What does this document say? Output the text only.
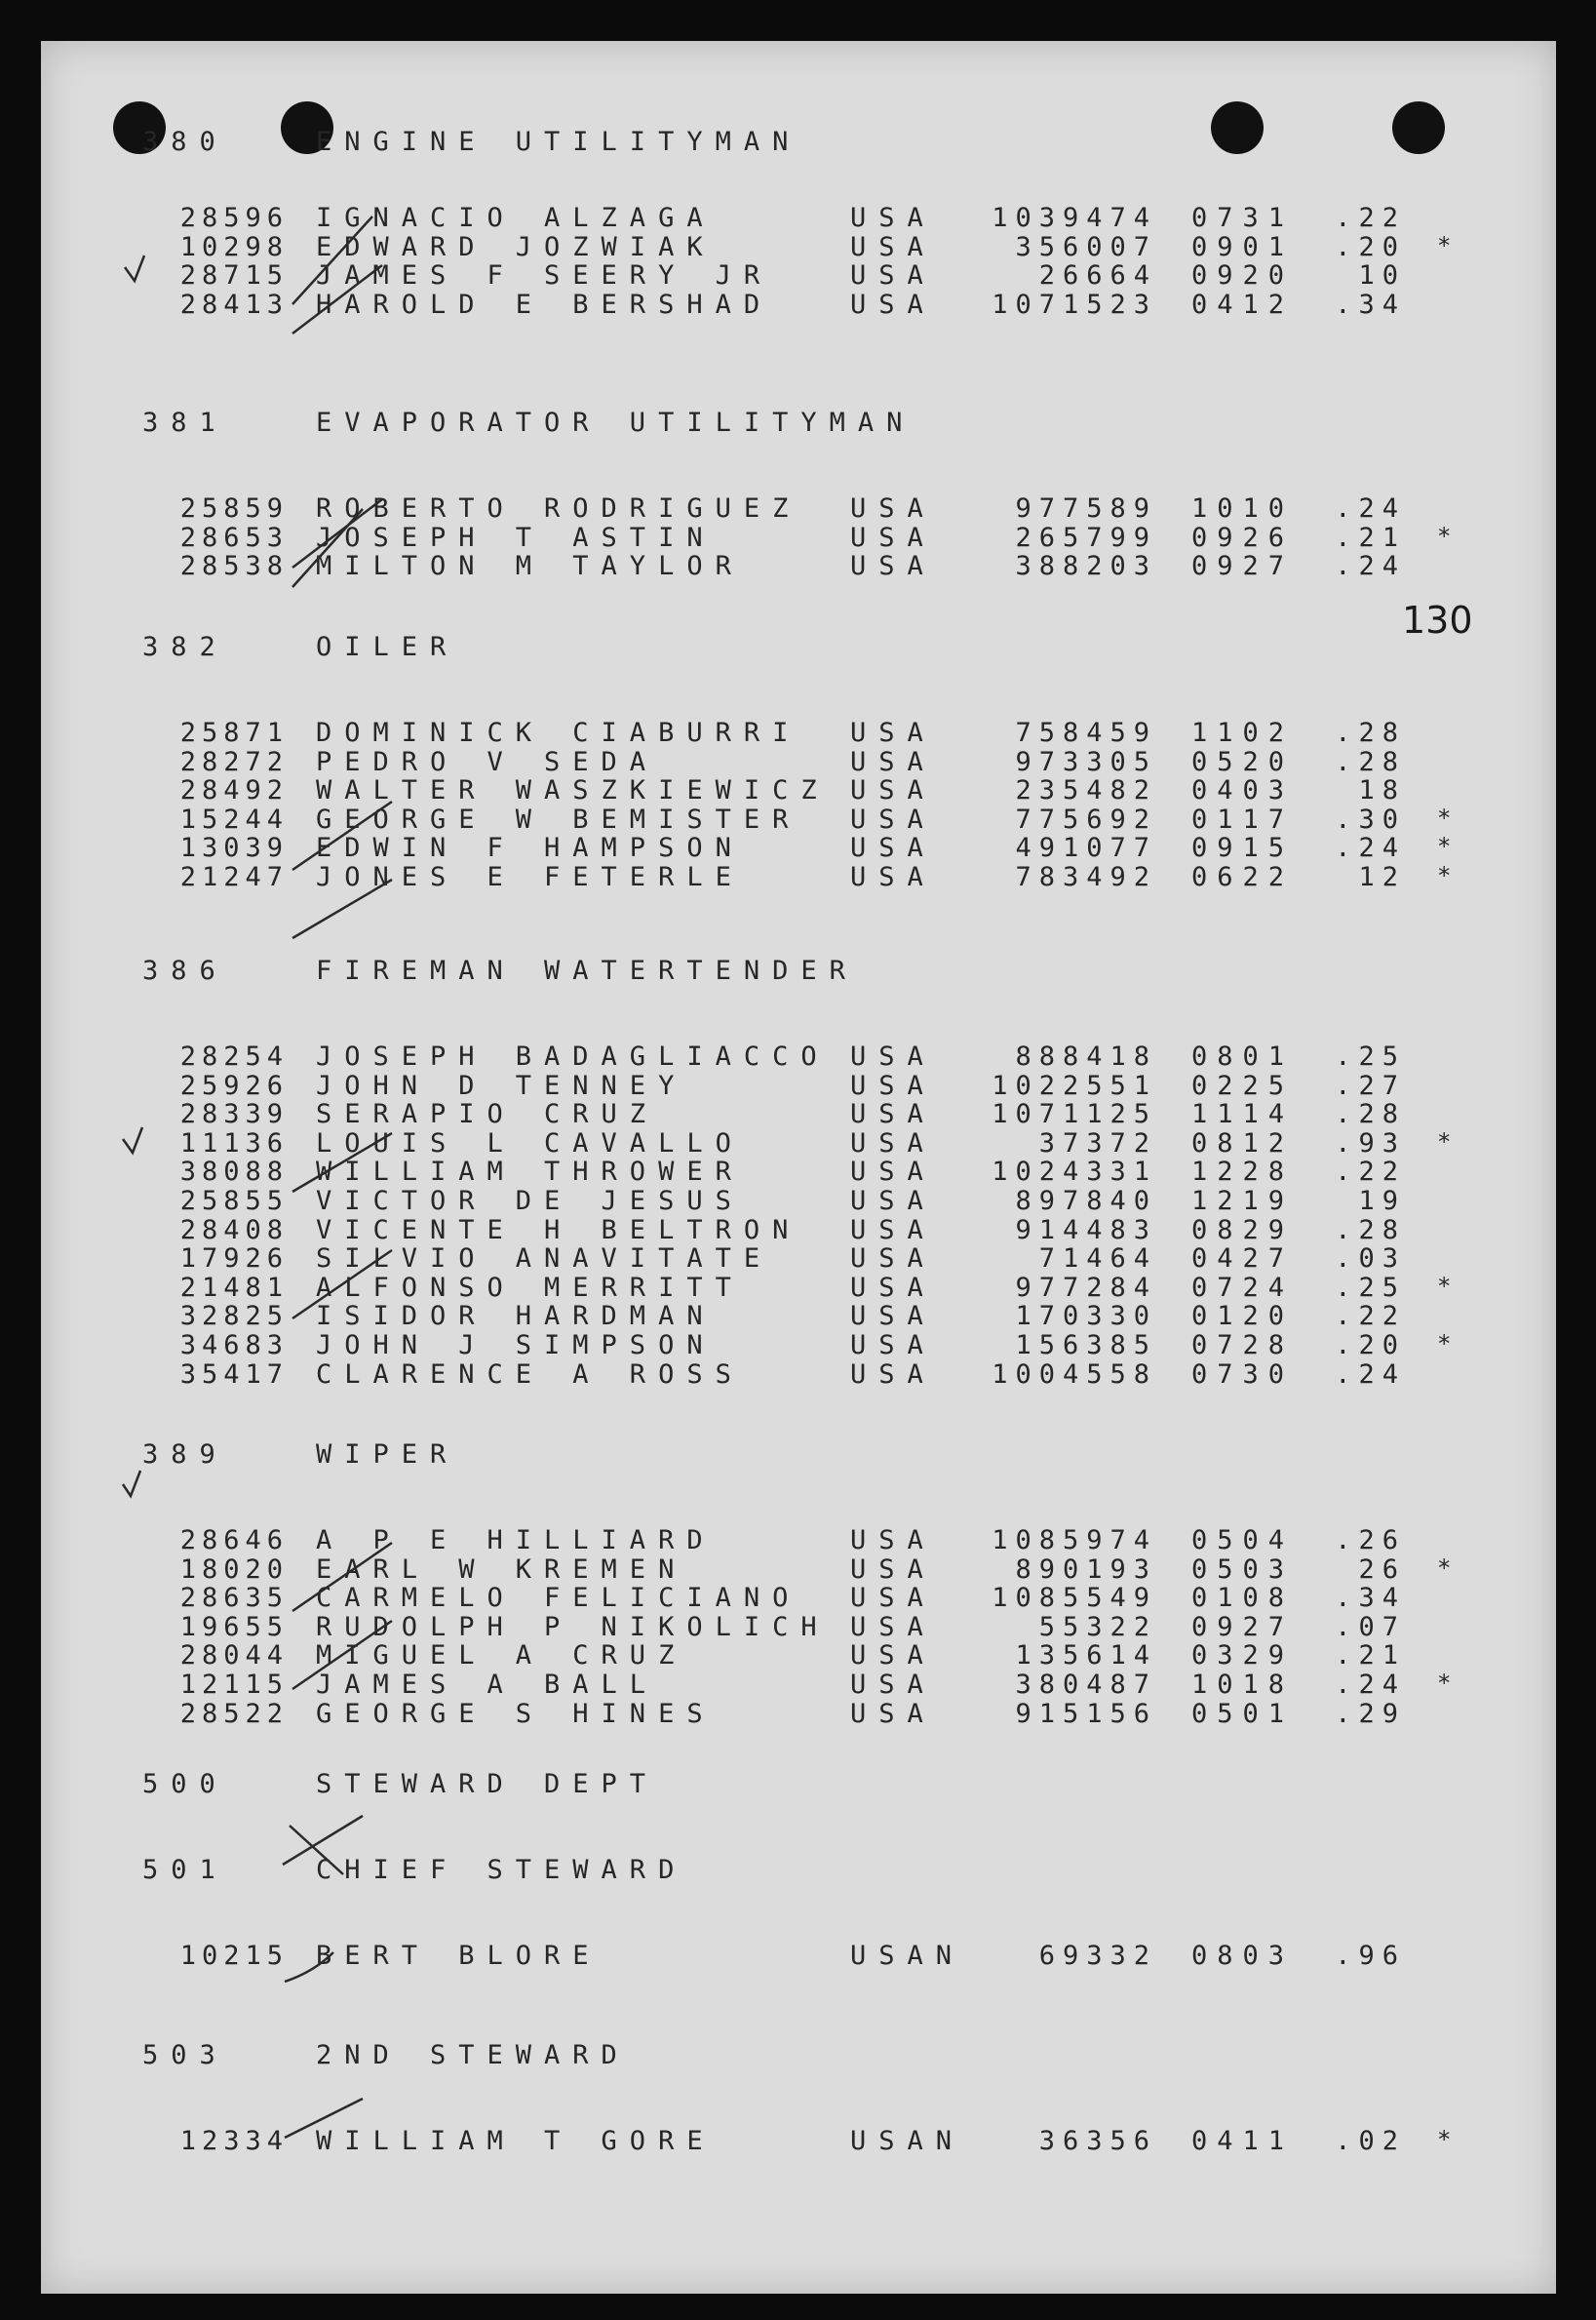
130
380	ENGINE UTILITYMAN
28596 IGNACIO ALZAGA	USA	1039474 0731	.22
10298 EDWARD JOZWIAK	USA	356007 0901	.20 *
28715 JAMES F SEERY JR	USA	26664 0920	10
28413 HAROLD E BERSHAD	USA	1071523 0412	.34
381	EVAPORATOR UTILITYMAN
25859 ROBERTO RODRIGUEZ USA	977589 1010	.24
28653 JOSEPH T ASTIN	USA	265799 0926	.21 *
28538 MILTON M TAYLOR	USA	388203 0927	.24
382	OILER
25871 DOMINICK CIABURRI USA	758459 1102	.28
28272 PEDRO V SEDA	USA	973305 0520	.28
28492 WALTER WASZKIEWICZ USA	235482 0403	18
15244 GEORGE W BEMISTER USA	775692 0117	.30 *
13039 EDWIN F HAMPSON	USA	491077 0915	.24 *
21247 JONES E FETERLE	USA	783492 0622	12 *
386	FIREMAN WATERTENDER
28254 JOSEPH BADAGLIACCO USA	888418 0801	.25
25926 JOHN D TENNEY	USA	1022551 0225	.27
28339 SERAPIO CRUZ	USA	1071125 1114	.28
11136 LOUIS L CAVALLO	USA	37372 0812	.93 *
38088 WILLIAM THROWER	USA	1024331 1228	.22
25855 VICTOR DE JESUS	USA	897840 1219	19
28408 VICENTE H BELTRON USA	914483 0829	.28
17926 SILVIO ANAVITATE	USA	71464 0427	.03
21481 ALFONSO MERRITT	USA	977284 0724	.25 *
32825 ISIDOR HARDMAN	USA	170330 0120	.22
34683 JOHN J SIMPSON	USA	156385 0728	.20 *
35417 CLARENCE A ROSS	USA	1004558 0730	.24
389	WIPER
28646 A P E HILLIARD	USA	1085974 0504	.26
18020 EARL W KREMEN	USA	890193 0503	26 *
28635 CARMELO FELICIANO USA	1085549 0108	.34
19655 RUDOLPH P NIKOLICH USA	55322 0927	.07
28044 MIGUEL A CRUZ	USA	135614 0329	.21
12115 JAMES A BALL	USA	380487 1018	.24 *
28522 GEORGE S HINES	USA	915156 0501	.29
500	STEWARD DEPT
501	CHIEF STEWARD
10215 BERT BLORE	USAN	69332 0803	.96
503	2ND STEWARD
12334 WILLIAM T GORE	USAN	36356 0411	.02 *
